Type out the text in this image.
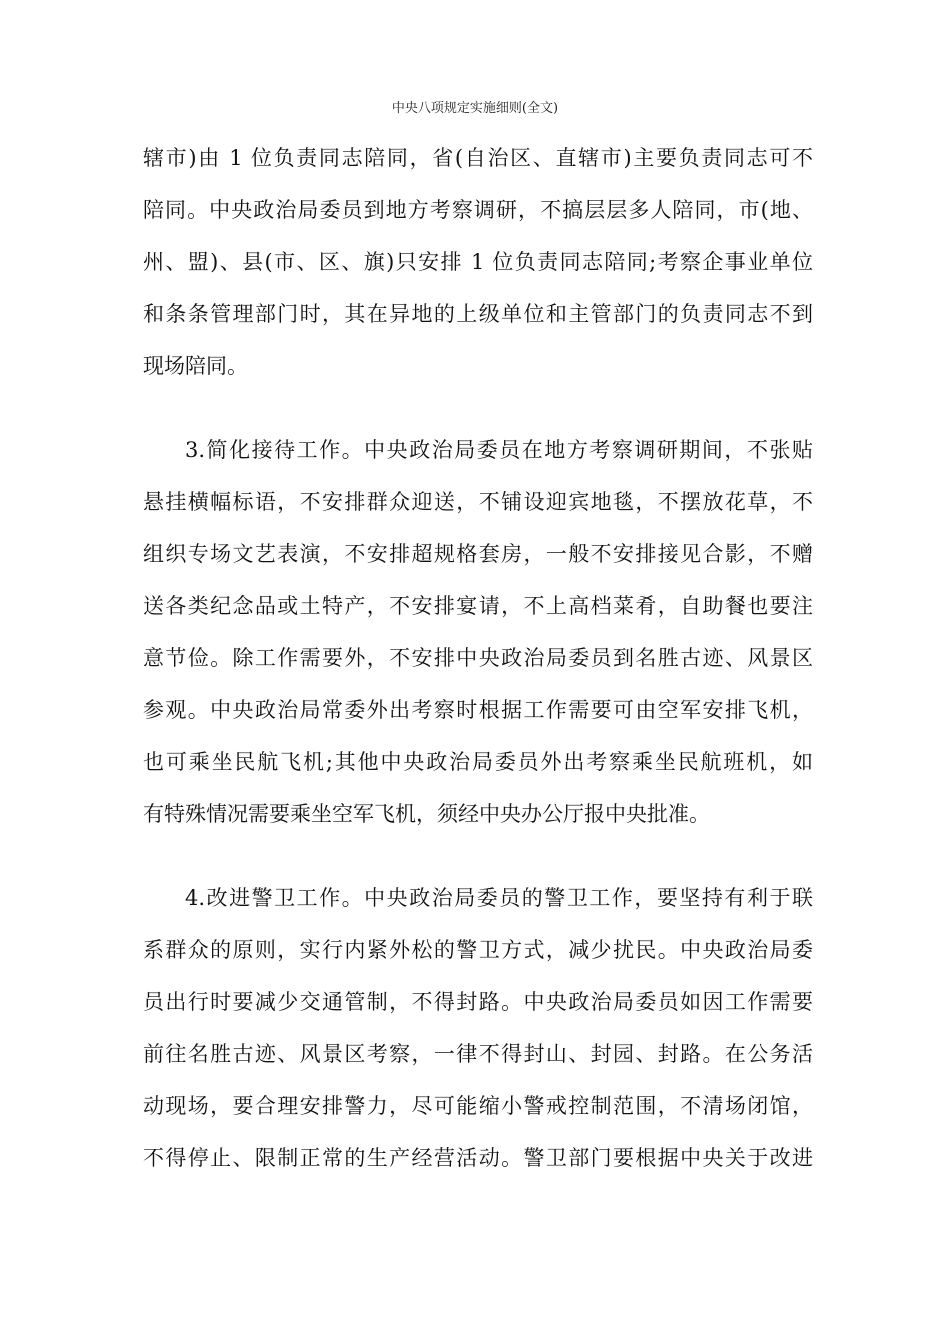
中央八项规定实施细则(全文)
辖市)由 1 位负责同志陪同，省(自治区、直辖市)主要负责同志可不
陪同。中央政治局委员到地方考察调研，不搞层层多人陪同，市(地、
州、盟)、县(市、区、旗)只安排 1 位负责同志陪同;考察企事业单位
和条条管理部门时，其在异地的上级单位和主管部门的负责同志不到
现场陪同。
3.简化接待工作。中央政治局委员在地方考察调研期间，不张贴
悬挂横幅标语，不安排群众迎送，不铺设迎宾地毯，不摆放花草，不
组织专场文艺表演，不安排超规格套房，一般不安排接见合影，不赠
送各类纪念品或土特产，不安排宴请，不上高档菜肴，自助餐也要注
意节俭。除工作需要外，不安排中央政治局委员到名胜古迹、风景区
参观。中央政治局常委外出考察时根据工作需要可由空军安排飞机，
也可乘坐民航飞机;其他中央政治局委员外出考察乘坐民航班机，如
有特殊情况需要乘坐空军飞机，须经中央办公厅报中央批准。
4.改进警卫工作。中央政治局委员的警卫工作，要坚持有利于联
系群众的原则，实行内紧外松的警卫方式，减少扰民。中央政治局委
员出行时要减少交通管制，不得封路。中央政治局委员如因工作需要
前往名胜古迹、风景区考察，一律不得封山、封园、封路。在公务活
动现场，要合理安排警力，尽可能缩小警戒控制范围，不清场闭馆，
不得停止、限制正常的生产经营活动。警卫部门要根据中央关于改进
